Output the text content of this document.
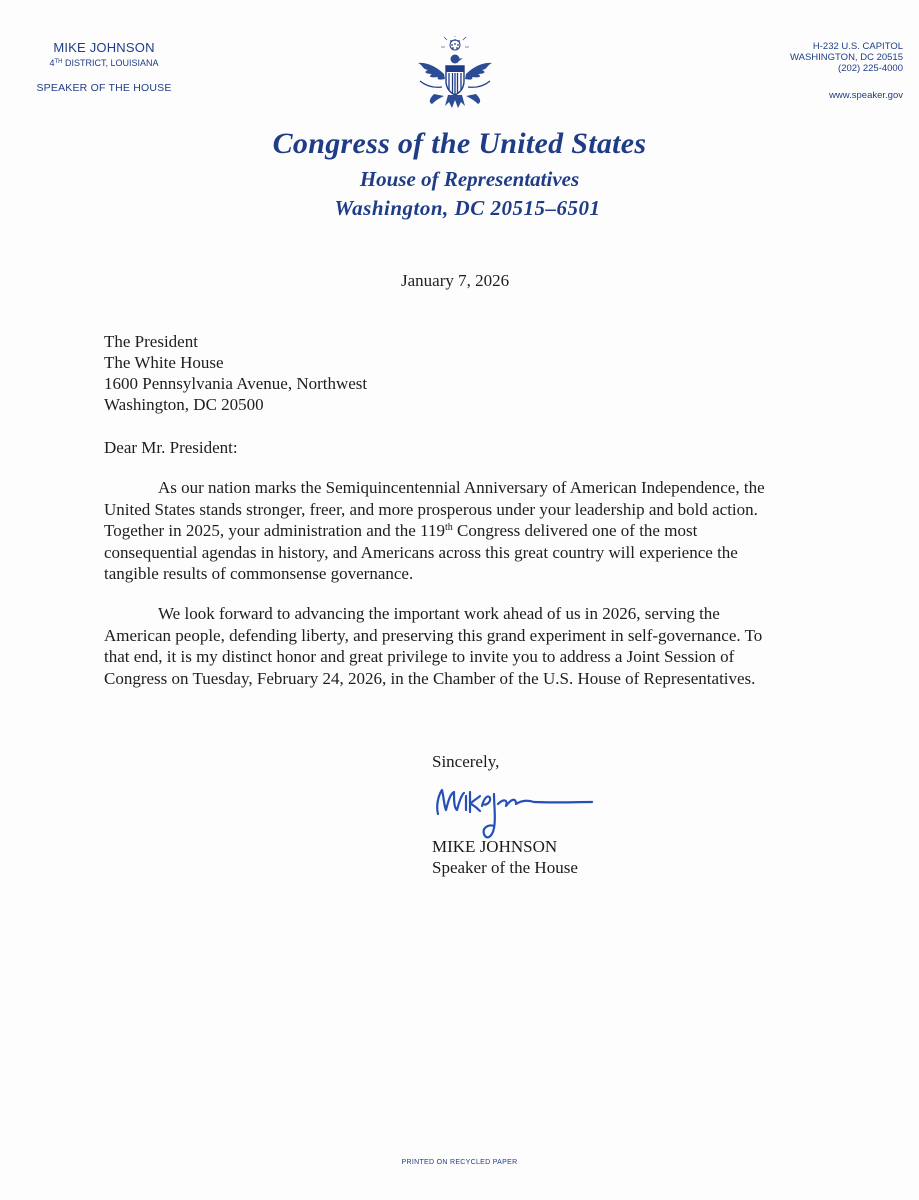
MIKE JOHNSON
4TH DISTRICT, LOUISIANA
SPEAKER OF THE HOUSE
H-232 U.S. CAPITOL
WASHINGTON, DC 20515
(202) 225-4000
www.speaker.gov
Congress of the United States
House of Representatives
Washington, DC 20515–6501
January 7, 2026
The President
The White House
1600 Pennsylvania Avenue, Northwest
Washington, DC 20500
Dear Mr. President:
As our nation marks the Semiquincentennial Anniversary of American Independence, the
United States stands stronger, freer, and more prosperous under your leadership and bold action.
Together in 2025, your administration and the 119th Congress delivered one of the most
consequential agendas in history, and Americans across this great country will experience the
tangible results of commonsense governance.
We look forward to advancing the important work ahead of us in 2026, serving the
American people, defending liberty, and preserving this grand experiment in self-governance. To
that end, it is my distinct honor and great privilege to invite you to address a Joint Session of
Congress on Tuesday, February 24, 2026, in the Chamber of the U.S. House of Representatives.
Sincerely,
MIKE JOHNSON
Speaker of the House
PRINTED ON RECYCLED PAPER
